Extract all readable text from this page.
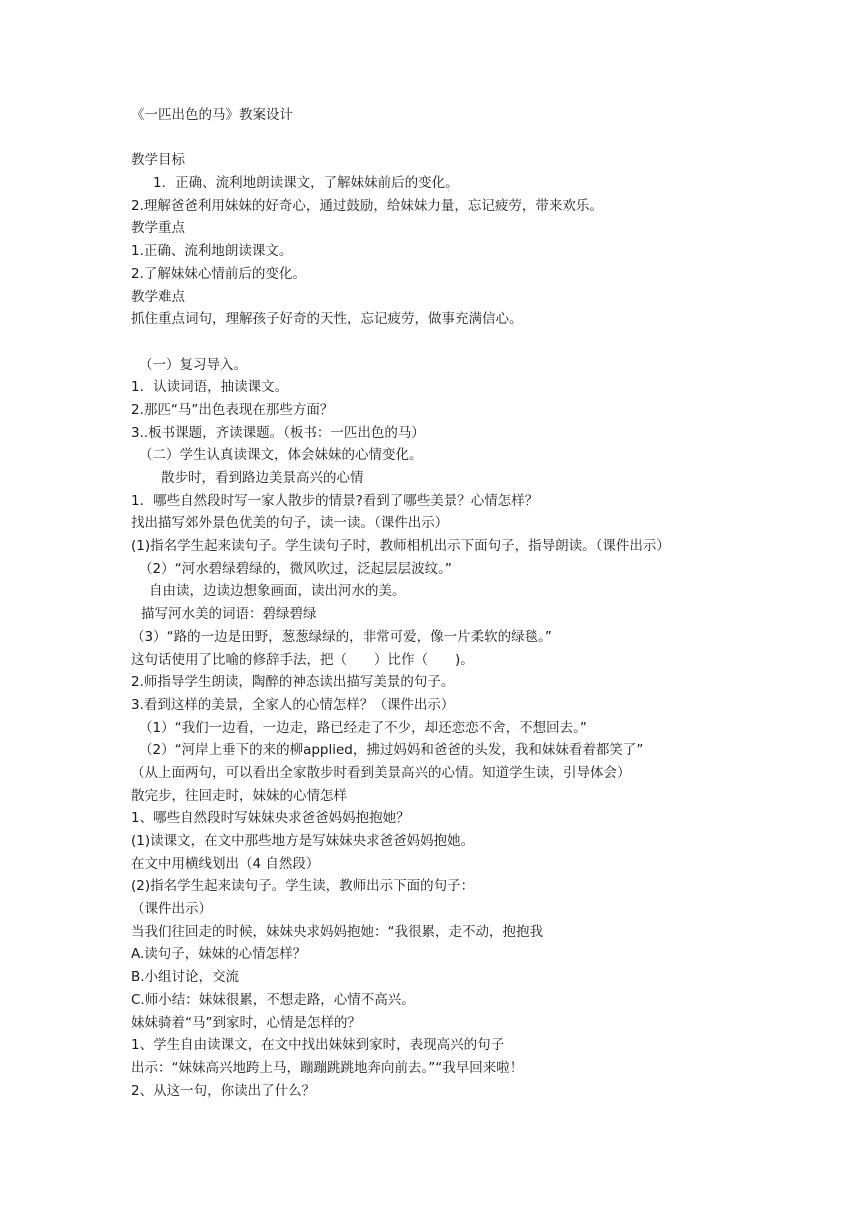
《一匹出色的马》教案设计
教学目标
1．正确、流利地朗读课文，了解妹妹前后的变化。
2.理解爸爸利用妹妹的好奇心，通过鼓励，给妹妹力量，忘记疲劳，带来欢乐。
教学重点
1.正确、流利地朗读课文。
2.了解妹妹心情前后的变化。
教学难点
抓住重点词句，理解孩子好奇的天性，忘记疲劳，做事充满信心。
（一）复习导入。
1．认读词语，抽读课文。
2.那匹“马”出色表现在那些方面？
3..板书课题，齐读课题。（板书：一匹出色的马）
（二）学生认真读课文，体会妹妹的心情变化。
散步时，看到路边美景高兴的心情
1．哪些自然段时写一家人散步的情景?看到了哪些美景？心情怎样？
找出描写郊外景色优美的句子，读一读。（课件出示）
(1)指名学生起来读句子。学生读句子时，教师相机出示下面句子，指导朗读。（课件出示）
（2）“河水碧绿碧绿的，微风吹过，泛起层层波纹。”
自由读，边读边想象画面，读出河水的美。
描写河水美的词语：碧绿碧绿
（3）“路的一边是田野，葱葱绿绿的，非常可爱，像一片柔软的绿毯。”
这句话使用了比喻的修辞手法，把（　　）比作（　　)。
2.师指导学生朗读，陶醉的神态读出描写美景的句子。
3.看到这样的美景，全家人的心情怎样？（课件出示）
（1）“我们一边看，一边走，路已经走了不少，却还恋恋不舍，不想回去。”
（2）“河岸上垂下的来的柳applied，拂过妈妈和爸爸的头发，我和妹妹看着都笑了”
（从上面两句，可以看出全家散步时看到美景高兴的心情。知道学生读，引导体会）
散完步，往回走时，妹妹的心情怎样
1、哪些自然段时写妹妹央求爸爸妈妈抱抱她？
(1)读课文，在文中那些地方是写妹妹央求爸爸妈妈抱她。
在文中用横线划出（4 自然段）
(2)指名学生起来读句子。学生读，教师出示下面的句子：
（课件出示）
当我们往回走的时候，妹妹央求妈妈抱她：“我很累，走不动，抱抱我
A.读句子，妹妹的心情怎样？
B.小组讨论，交流
C.师小结：妹妹很累，不想走路，心情不高兴。
妹妹骑着“马”到家时，心情是怎样的？
1、学生自由读课文，在文中找出妹妹到家时，表现高兴的句子
出示：“妹妹高兴地跨上马，蹦蹦跳跳地奔向前去。”“我早回来啦！
2、从这一句，你读出了什么？
